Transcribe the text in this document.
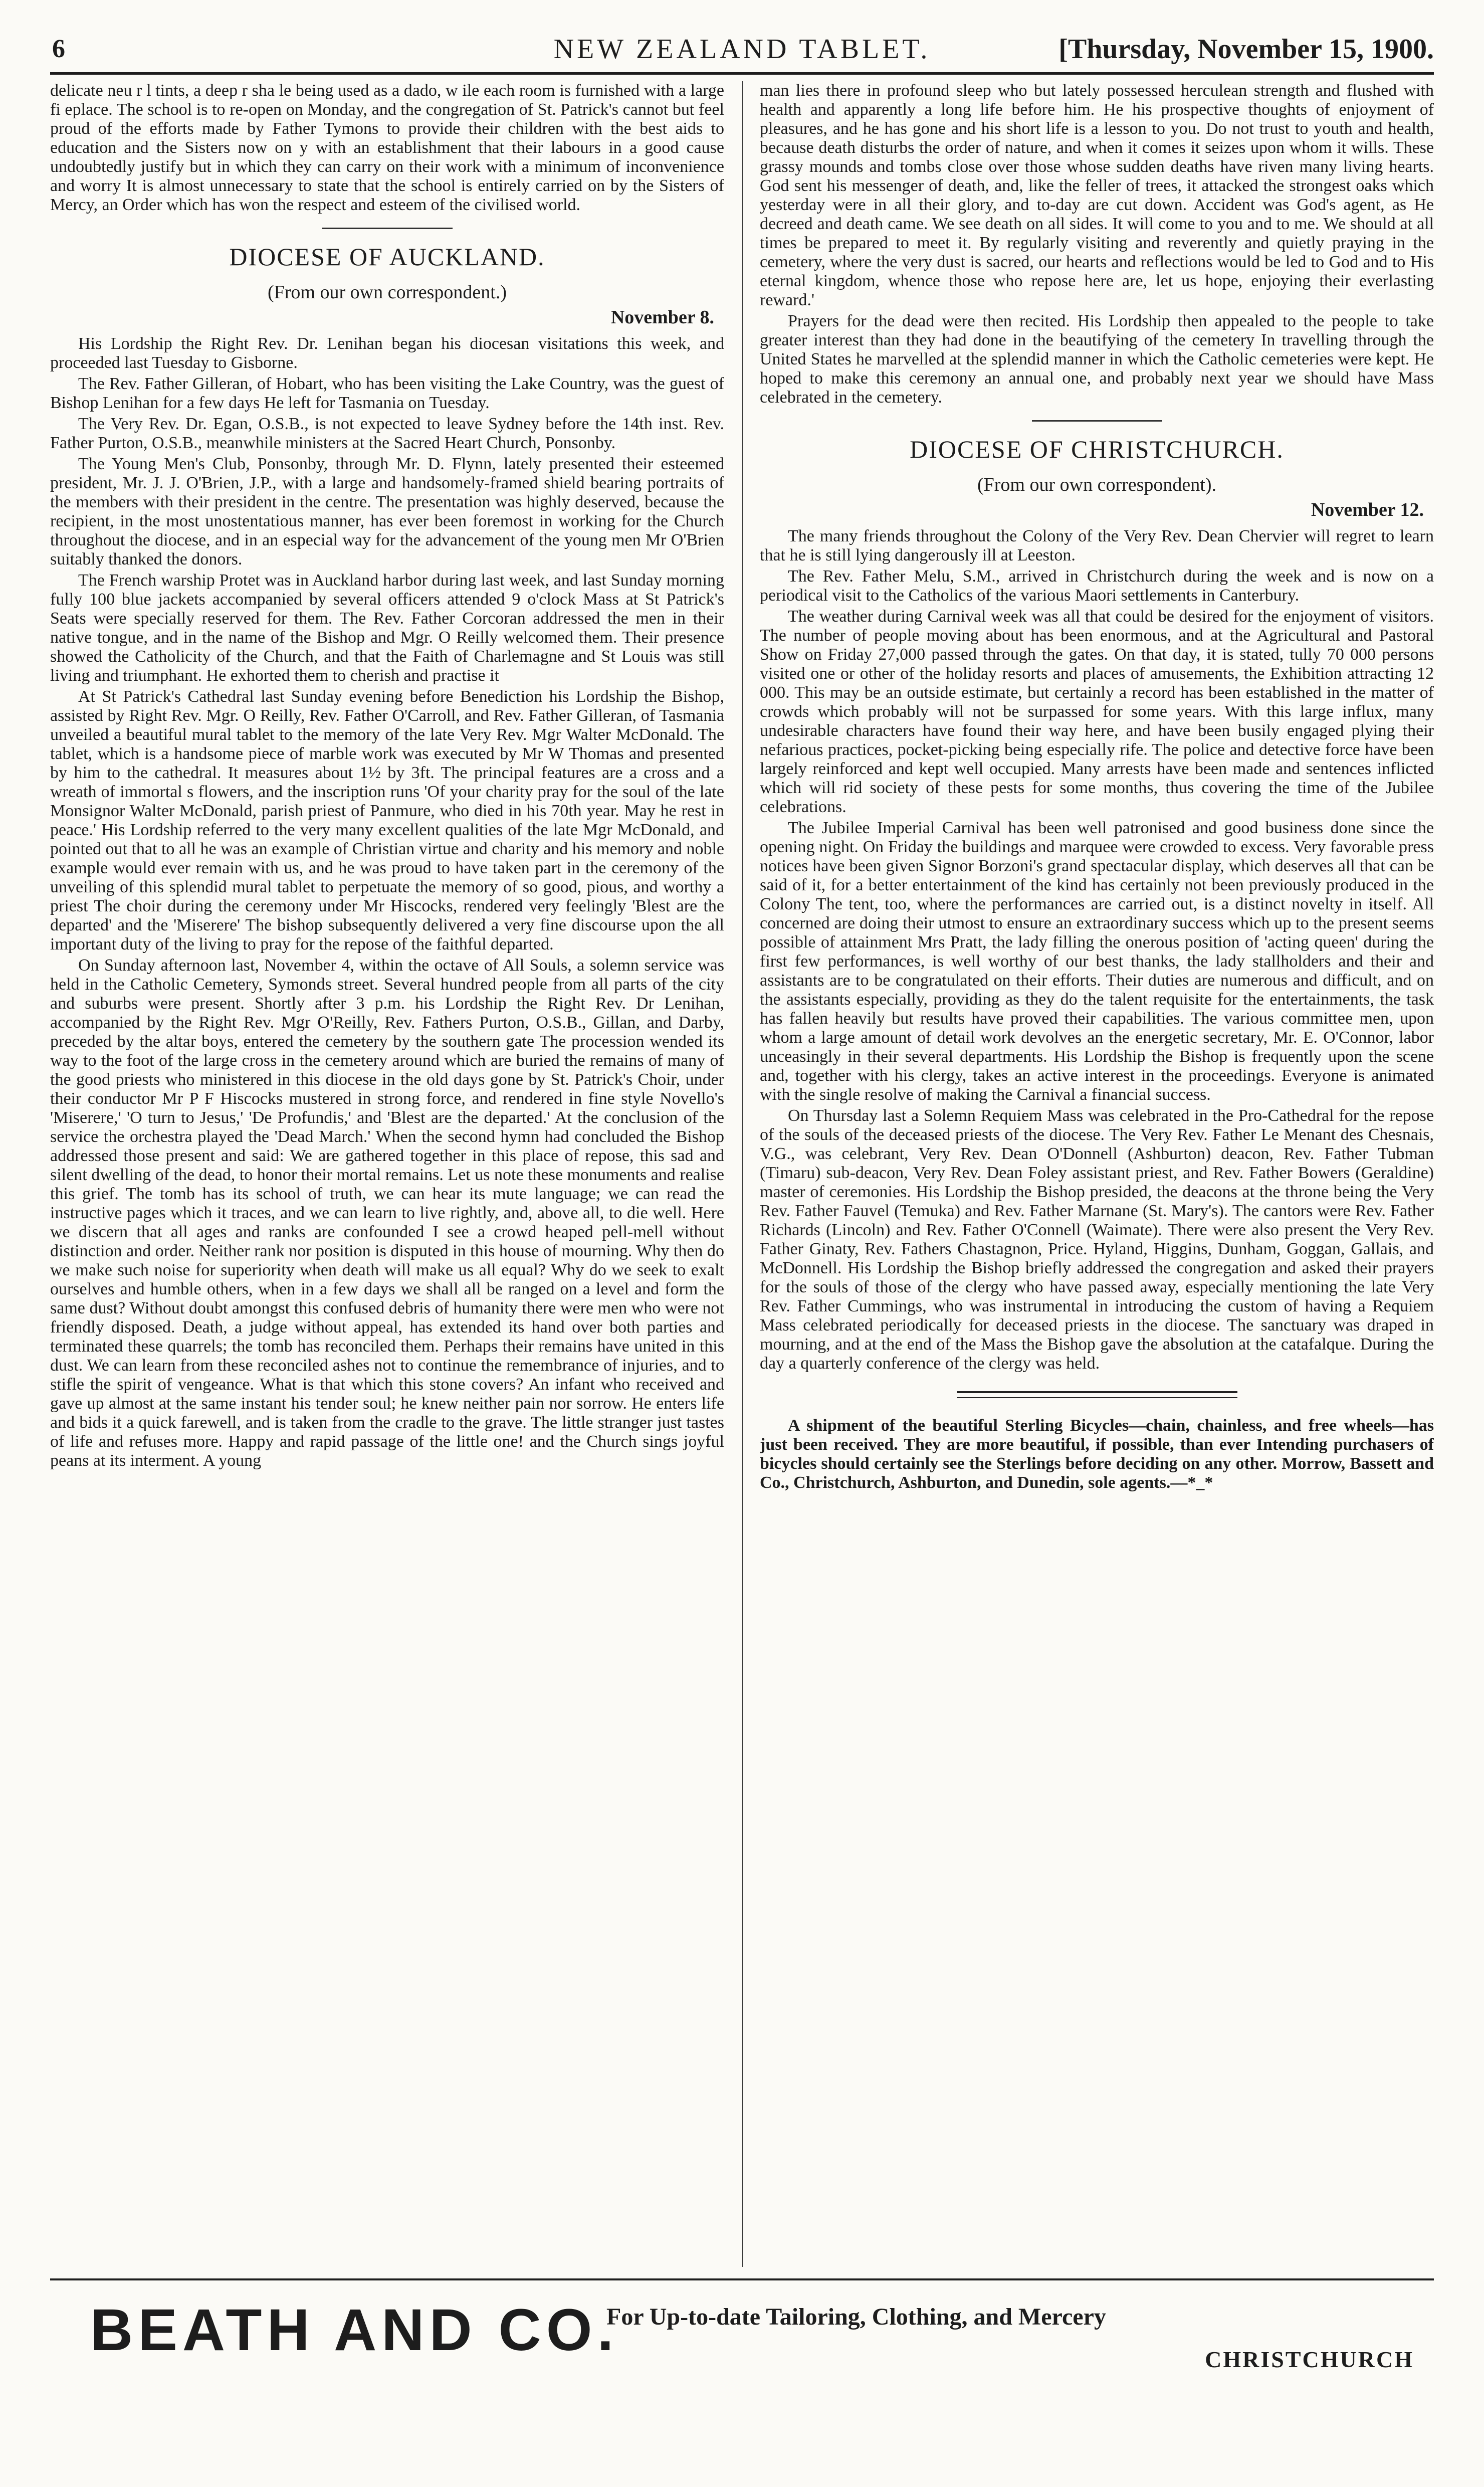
6	NEW ZEALAND TABLET.	[Thursday, November 15, 1900.

delicate neu r l tints, a deep r sha le being used as a dado, w ile each room is furnished with a large fi eplace. The school is to re-open on Monday, and the congregation of St. Patrick's cannot but feel proud of the efforts made by Father Tymons to provide their children with the best aids to education and the Sisters now on y with an establishment that their labours in a good cause undoubtedly justify but in which they can carry on their work with a minimum of inconvenience and worry It is almost unnecessary to state that the school is entirely carried on by the Sisters of Mercy, an Order which has won the respect and esteem of the civilised world.

DIOCESE OF AUCKLAND.
(From our own correspondent.)
November 8.

His Lordship the Right Rev. Dr. Lenihan began his diocesan visitations this week, and proceeded last Tuesday to Gisborne.

The Rev. Father Gilleran, of Hobart, who has been visiting the Lake Country, was the guest of Bishop Lenihan for a few days He left for Tasmania on Tuesday.

The Very Rev. Dr. Egan, O.S.B., is not expected to leave Sydney before the 14th inst. Rev. Father Purton, O.S.B., meanwhile ministers at the Sacred Heart Church, Ponsonby.

The Young Men's Club, Ponsonby, through Mr. D. Flynn, lately presented their esteemed president, Mr. J. J. O'Brien, J.P., with a large and handsomely-framed shield bearing portraits of the members with their president in the centre. The presentation was highly deserved, because the recipient, in the most unostentatious manner, has ever been foremost in working for the Church throughout the diocese, and in an especial way for the advancement of the young men Mr O'Brien suitably thanked the donors.

The French warship Protet was in Auckland harbor during last week, and last Sunday morning fully 100 blue jackets accompanied by several officers attended 9 o'clock Mass at St Patrick's Seats were specially reserved for them. The Rev. Father Corcoran addressed the men in their native tongue, and in the name of the Bishop and Mgr. O Reilly welcomed them. Their presence showed the Catholicity of the Church, and that the Faith of Charlemagne and St Louis was still living and triumphant. He exhorted them to cherish and practise it

At St Patrick's Cathedral last Sunday evening before Benediction his Lordship the Bishop, assisted by Right Rev. Mgr. O Reilly, Rev. Father O'Carroll, and Rev. Father Gilleran, of Tasmania unveiled a beautiful mural tablet to the memory of the late Very Rev. Mgr Walter McDonald. The tablet, which is a handsome piece of marble work was executed by Mr W Thomas and presented by him to the cathedral. It measures about 1½ by 3ft. The principal features are a cross and a wreath of immortal s flowers, and the inscription runs 'Of your charity pray for the soul of the late Monsignor Walter McDonald, parish priest of Panmure, who died in his 70th year. May he rest in peace.' His Lordship referred to the very many excellent qualities of the late Mgr McDonald, and pointed out that to all he was an example of Christian virtue and charity and his memory and noble example would ever remain with us, and he was proud to have taken part in the ceremony of the unveiling of this splendid mural tablet to perpetuate the memory of so good, pious, and worthy a priest The choir during the ceremony under Mr Hiscocks, rendered very feelingly 'Blest are the departed' and the 'Miserere' The bishop subsequently delivered a very fine discourse upon the all important duty of the living to pray for the repose of the faithful departed.

On Sunday afternoon last, November 4, within the octave of All Souls, a solemn service was held in the Catholic Cemetery, Symonds street. Several hundred people from all parts of the city and suburbs were present. Shortly after 3 p.m. his Lordship the Right Rev. Dr Lenihan, accompanied by the Right Rev. Mgr O'Reilly, Rev. Fathers Purton, O.S.B., Gillan, and Darby, preceded by the altar boys, entered the cemetery by the southern gate The procession wended its way to the foot of the large cross in the cemetery around which are buried the remains of many of the good priests who ministered in this diocese in the old days gone by St. Patrick's Choir, under their conductor Mr P F Hiscocks mustered in strong force, and rendered in fine style Novello's 'Miserere,' 'O turn to Jesus,' 'De Profundis,' and 'Blest are the departed.' At the conclusion of the service the orchestra played the 'Dead March.' When the second hymn had concluded the Bishop addressed those present and said: We are gathered together in this place of repose, this sad and silent dwelling of the dead, to honor their mortal remains. Let us note these monuments and realise this grief. The tomb has its school of truth, we can hear its mute language; we can read the instructive pages which it traces, and we can learn to live rightly, and, above all, to die well. Here we discern that all ages and ranks are confounded I see a crowd heaped pell-mell without distinction and order. Neither rank nor position is disputed in this house of mourning. Why then do we make such noise for superiority when death will make us all equal? Why do we seek to exalt ourselves and humble others, when in a few days we shall all be ranged on a level and form the same dust? Without doubt amongst this confused debris of humanity there were men who were not friendly disposed. Death, a judge without appeal, has extended its hand over both parties and terminated these quarrels; the tomb has reconciled them. Perhaps their remains have united in this dust. We can learn from these reconciled ashes not to continue the remembrance of injuries, and to stifle the spirit of vengeance. What is that which this stone covers? An infant who received and gave up almost at the same instant his tender soul; he knew neither pain nor sorrow. He enters life and bids it a quick farewell, and is taken from the cradle to the grave. The little stranger just tastes of life and refuses more. Happy and rapid passage of the little one! and the Church sings joyful peans at its interment. A young

man lies there in profound sleep who but lately possessed herculean strength and flushed with health and apparently a long life before him. He his prospective thoughts of enjoyment of pleasures, and he has gone and his short life is a lesson to you. Do not trust to youth and health, because death disturbs the order of nature, and when it comes it seizes upon whom it wills. These grassy mounds and tombs close over those whose sudden deaths have riven many living hearts. God sent his messenger of death, and, like the feller of trees, it attacked the strongest oaks which yesterday were in all their glory, and to-day are cut down. Accident was God's agent, as He decreed and death came. We see death on all sides. It will come to you and to me. We should at all times be prepared to meet it. By regularly visiting and reverently and quietly praying in the cemetery, where the very dust is sacred, our hearts and reflections would be led to God and to His eternal kingdom, whence those who repose here are, let us hope, enjoying their everlasting reward.'

Prayers for the dead were then recited. His Lordship then appealed to the people to take greater interest than they had done in the beautifying of the cemetery In travelling through the United States he marvelled at the splendid manner in which the Catholic cemeteries were kept. He hoped to make this ceremony an annual one, and probably next year we should have Mass celebrated in the cemetery.

DIOCESE OF CHRISTCHURCH.
(From our own correspondent).
November 12.

The many friends throughout the Colony of the Very Rev. Dean Chervier will regret to learn that he is still lying dangerously ill at Leeston.

The Rev. Father Melu, S.M., arrived in Christchurch during the week and is now on a periodical visit to the Catholics of the various Maori settlements in Canterbury.

The weather during Carnival week was all that could be desired for the enjoyment of visitors. The number of people moving about has been enormous, and at the Agricultural and Pastoral Show on Friday 27,000 passed through the gates. On that day, it is stated, tully 70 000 persons visited one or other of the holiday resorts and places of amusements, the Exhibition attracting 12 000. This may be an outside estimate, but certainly a record has been established in the matter of crowds which probably will not be surpassed for some years. With this large influx, many undesirable characters have found their way here, and have been busily engaged plying their nefarious practices, pocket-picking being especially rife. The police and detective force have been largely reinforced and kept well occupied. Many arrests have been made and sentences inflicted which will rid society of these pests for some months, thus covering the time of the Jubilee celebrations.

The Jubilee Imperial Carnival has been well patronised and good business done since the opening night. On Friday the buildings and marquee were crowded to excess. Very favorable press notices have been given Signor Borzoni's grand spectacular display, which deserves all that can be said of it, for a better entertainment of the kind has certainly not been previously produced in the Colony The tent, too, where the performances are carried out, is a distinct novelty in itself. All concerned are doing their utmost to ensure an extraordinary success which up to the present seems possible of attainment Mrs Pratt, the lady filling the onerous position of 'acting queen' during the first few performances, is well worthy of our best thanks, the lady stallholders and their and assistants are to be congratulated on their efforts. Their duties are numerous and difficult, and on the assistants especially, providing as they do the talent requisite for the entertainments, the task has fallen heavily but results have proved their capabilities. The various committee men, upon whom a large amount of detail work devolves an the energetic secretary, Mr. E. O'Connor, labor unceasingly in their several departments. His Lordship the Bishop is frequently upon the scene and, together with his clergy, takes an active interest in the proceedings. Everyone is animated with the single resolve of making the Carnival a financial success.

On Thursday last a Solemn Requiem Mass was celebrated in the Pro-Cathedral for the repose of the souls of the deceased priests of the diocese. The Very Rev. Father Le Menant des Chesnais, V.G., was celebrant, Very Rev. Dean O'Donnell (Ashburton) deacon, Rev. Father Tubman (Timaru) sub-deacon, Very Rev. Dean Foley assistant priest, and Rev. Father Bowers (Geraldine) master of ceremonies. His Lordship the Bishop presided, the deacons at the throne being the Very Rev. Father Fauvel (Temuka) and Rev. Father Marnane (St. Mary's). The cantors were Rev. Father Richards (Lincoln) and Rev. Father O'Connell (Waimate). There were also present the Very Rev. Father Ginaty, Rev. Fathers Chastagnon, Price. Hyland, Higgins, Dunham, Goggan, Gallais, and McDonnell. His Lordship the Bishop briefly addressed the congregation and asked their prayers for the souls of those of the clergy who have passed away, especially mentioning the late Very Rev. Father Cummings, who was instrumental in introducing the custom of having a Requiem Mass celebrated periodically for deceased priests in the diocese. The sanctuary was draped in mourning, and at the end of the Mass the Bishop gave the absolution at the catafalque. During the day a quarterly conference of the clergy was held.

A shipment of the beautiful Sterling Bicycles—chain, chainless, and free wheels—has just been received. They are more beautiful, if possible, than ever Intending purchasers of bicycles should certainly see the Sterlings before deciding on any other. Morrow, Bassett and Co., Christchurch, Ashburton, and Dunedin, sole agents.—*_*

BEATH AND CO.
For Up-to-date Tailoring, Clothing, and Mercery
CHRISTCHURCH
